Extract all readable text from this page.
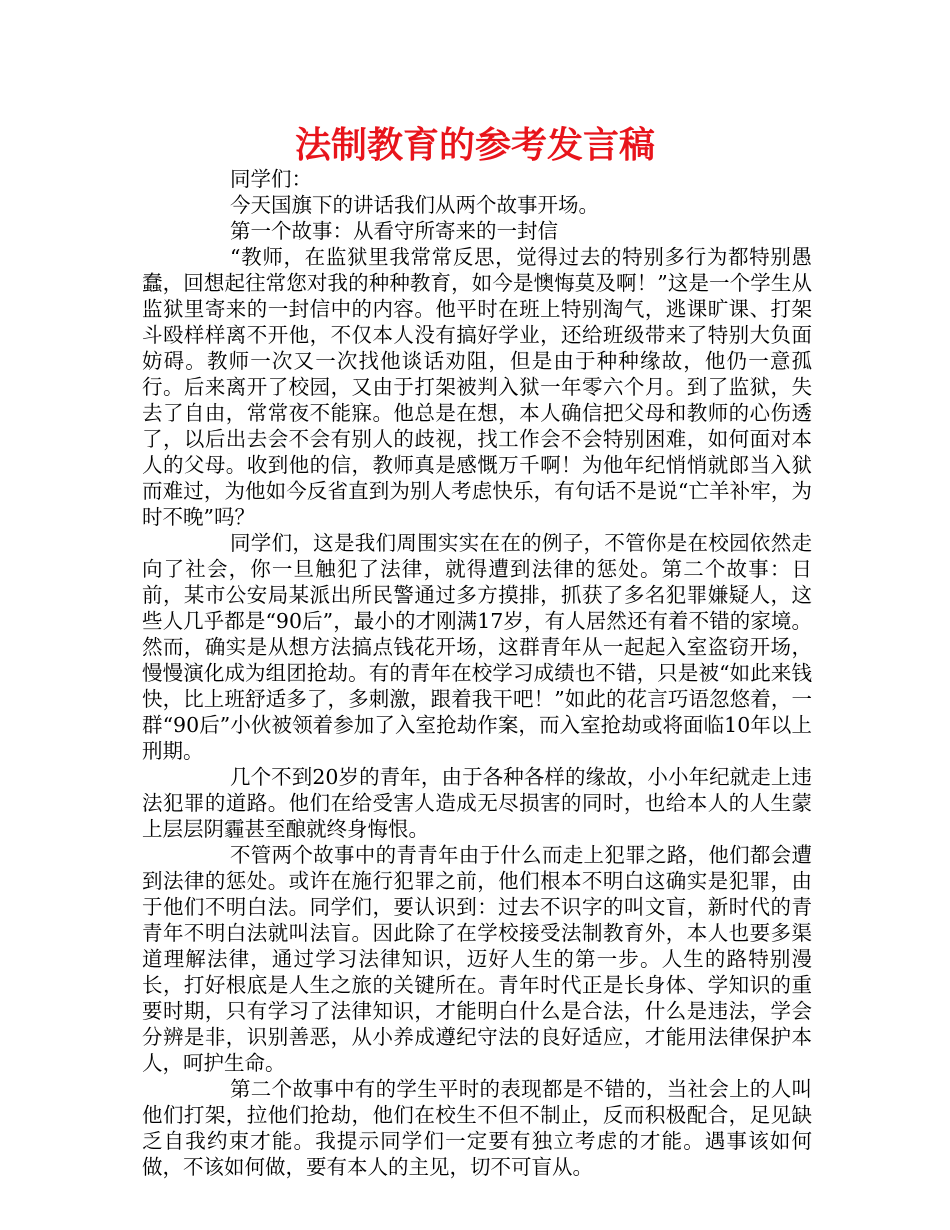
法制教育的参考发言稿

同学们：

今天国旗下的讲话我们从两个故事开场。

第一个故事：从看守所寄来的一封信

“教师，在监狱里我常常反思，觉得过去的特别多行为都特别愚蠢，回想起往常您对我的种种教育，如今是懊悔莫及啊！”这是一个学生从监狱里寄来的一封信中的内容。他平时在班上特别淘气，逃课旷课、打架斗殴样样离不开他，不仅本人没有搞好学业，还给班级带来了特别大负面妨碍。教师一次又一次找他谈话劝阻，但是由于种种缘故，他仍一意孤行。后来离开了校园，又由于打架被判入狱一年零六个月。到了监狱，失去了自由，常常夜不能寐。他总是在想，本人确信把父母和教师的心伤透了，以后出去会不会有别人的歧视，找工作会不会特别困难，如何面对本人的父母。收到他的信，教师真是感慨万千啊！为他年纪悄悄就郎当入狱而难过，为他如今反省直到为别人考虑快乐，有句话不是说“亡羊补牢，为时不晚”吗？

同学们，这是我们周围实实在在的例子，不管你是在校园依然走向了社会，你一旦触犯了法律，就得遭到法律的惩处。第二个故事：日前，某市公安局某派出所民警通过多方摸排，抓获了多名犯罪嫌疑人，这些人几乎都是“90后”，最小的才刚满17岁，有人居然还有着不错的家境。然而，确实是从想方法搞点钱花开场，这群青年从一起起入室盗窃开场，慢慢演化成为组团抢劫。有的青年在校学习成绩也不错，只是被“如此来钱快，比上班舒适多了，多刺激，跟着我干吧！”如此的花言巧语忽悠着，一群“90后”小伙被领着参加了入室抢劫作案，而入室抢劫或将面临10年以上刑期。

几个不到20岁的青年，由于各种各样的缘故，小小年纪就走上违法犯罪的道路。他们在给受害人造成无尽损害的同时，也给本人的人生蒙上层层阴霾甚至酿就终身悔恨。

不管两个故事中的青青年由于什么而走上犯罪之路，他们都会遭到法律的惩处。或许在施行犯罪之前，他们根本不明白这确实是犯罪，由于他们不明白法。同学们，要认识到：过去不识字的叫文盲，新时代的青青年不明白法就叫法盲。因此除了在学校接受法制教育外，本人也要多渠道理解法律，通过学习法律知识，迈好人生的第一步。人生的路特别漫长，打好根底是人生之旅的关键所在。青年时代正是长身体、学知识的重要时期，只有学习了法律知识，才能明白什么是合法，什么是违法，学会分辨是非，识别善恶，从小养成遵纪守法的良好适应，才能用法律保护本人，呵护生命。

第二个故事中有的学生平时的表现都是不错的，当社会上的人叫他们打架，拉他们抢劫，他们在校生不但不制止，反而积极配合，足见缺乏自我约束才能。我提示同学们一定要有独立考虑的才能。遇事该如何做，不该如何做，要有本人的主见，切不可盲从。
